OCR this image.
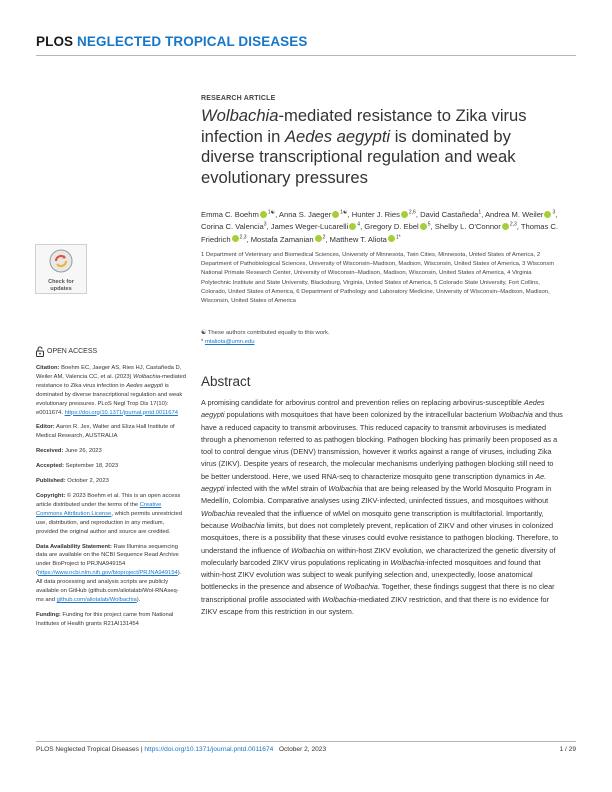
PLOS NEGLECTED TROPICAL DISEASES
RESEARCH ARTICLE
Wolbachia-mediated resistance to Zika virus infection in Aedes aegypti is dominated by diverse transcriptional regulation and weak evolutionary pressures
Emma C. Boehm $^{1☯}$, Anna S. Jaeger $^{1☯}$, Hunter J. Ries $^{2,6}$, David Castañeda$^1$, Andrea M. Weiler $^3$, Corina C. Valencia$^3$, James Weger-Lucarelli $^4$, Gregory D. Ebel $^5$, Shelby L. O'Connor $^{2,3}$, Thomas C. Friedrich $^{2,3}$, Mostafa Zamanian $^2$, Matthew T. Aliota $^{1*}$
1 Department of Veterinary and Biomedical Sciences, University of Minnesota, Twin Cities, Minnesota, United States of America, 2 Department of Pathobiological Sciences, University of Wisconsin–Madison, Madison, Wisconsin, United States of America, 3 Wisconsin National Primate Research Center, University of Wisconsin–Madison, Madison, Wisconsin, United States of America, 4 Virginia Polytechnic Institute and State University, Blacksburg, Virginia, United States of America, 5 Colorado State University, Fort Collins, Colorado, United States of America, 6 Department of Pathology and Laboratory Medicine, University of Wisconsin–Madison, Madison, Wisconsin, United States of America
☯ These authors contributed equally to this work.
* mtaliota@umn.edu
Check for
updates
OPEN ACCESS

Citation: Boehm EC, Jaeger AS, Ries HJ, Castañeda D, Weiler AM, Valencia CC, et al. (2023) Wolbachia-mediated resistance to Zika virus infection in Aedes aegypti is dominated by diverse transcriptional regulation and weak evolutionary pressures. PLoS Negl Trop Dis 17(10): e0011674. https://doi.org/10.1371/journal.pntd.0011674

Editor: Aaron R. Jex, Walter and Eliza Hall Institute of Medical Research, AUSTRALIA

Received: June 26, 2023

Accepted: September 18, 2023

Published: October 2, 2023

Copyright: © 2023 Boehm et al. This is an open access article distributed under the terms of the Creative Commons Attribution License, which permits unrestricted use, distribution, and reproduction in any medium, provided the original author and source are credited.

Data Availability Statement: Raw Illumina sequencing data are available on the NCBI Sequence Read Archive under BioProject to PRJNA949154 (https://www.ncbi.nlm.nih.gov/bioproject/PRJNA949154). All data processing and analysis scripts are publicly available on GitHub (github.com/aliotalab/Wol-RNAseq-ms and github.com/aliotalab/Wolbachia).

Funding: Funding for this project came from National Institutes of Health grants R21AI131454

Abstract
A promising candidate for arbovirus control and prevention relies on replacing arbovirus-susceptible Aedes aegypti populations with mosquitoes that have been colonized by the intracellular bacterium Wolbachia and thus have a reduced capacity to transmit arboviruses. This reduced capacity to transmit arboviruses is mediated through a phenomenon referred to as pathogen blocking. Pathogen blocking has primarily been proposed as a tool to control dengue virus (DENV) transmission, however it works against a range of viruses, including Zika virus (ZIKV). Despite years of research, the molecular mechanisms underlying pathogen blocking still need to be better understood. Here, we used RNA-seq to characterize mosquito gene transcription dynamics in Ae. aegypti infected with the wMel strain of Wolbachia that are being released by the World Mosquito Program in Medellín, Colombia. Comparative analyses using ZIKV-infected, uninfected tissues, and mosquitoes without Wolbachia revealed that the influence of wMel on mosquito gene transcription is multifactorial. Importantly, because Wolbachia limits, but does not completely prevent, replication of ZIKV and other viruses in colonized mosquitoes, there is a possibility that these viruses could evolve resistance to pathogen blocking. Therefore, to understand the influence of Wolbachia on within-host ZIKV evolution, we characterized the genetic diversity of molecularly barcoded ZIKV virus populations replicating in Wolbachia-infected mosquitoes and found that within-host ZIKV evolution was subject to weak purifying selection and, unexpectedly, loose anatomical bottlenecks in the presence and absence of Wolbachia. Together, these findings suggest that there is no clear transcriptional profile associated with Wolbachia-mediated ZIKV restriction, and that there is no evidence for ZIKV escape from this restriction in our system.
PLOS Neglected Tropical Diseases | https://doi.org/10.1371/journal.pntd.0011674 October 2, 2023	1 / 29
